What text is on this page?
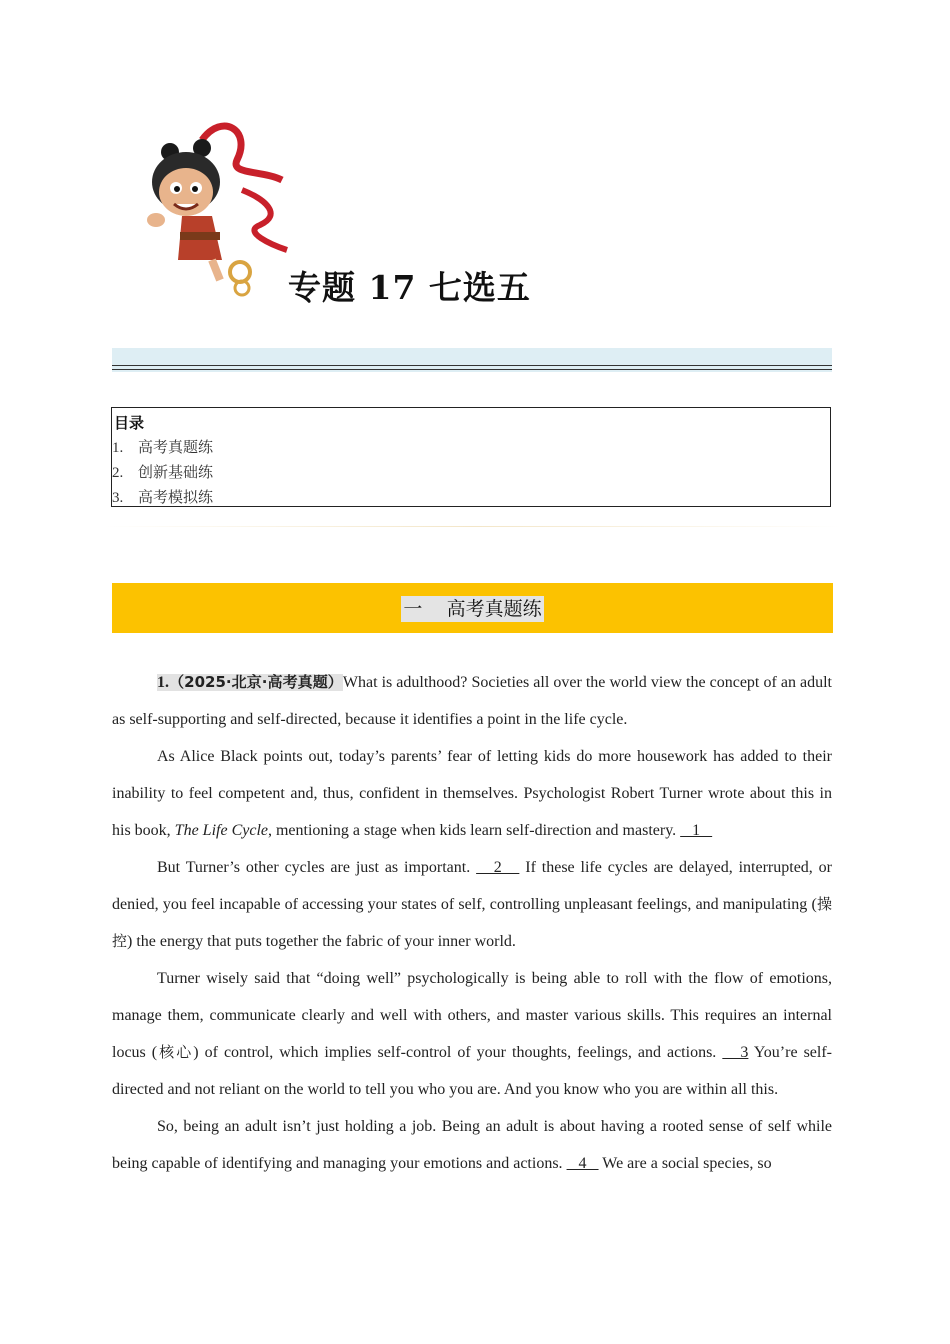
专题 17 七选五
目录
1. 高考真题练
2. 创新基础练
3. 高考模拟练
一    高考真题练

1.（2025·北京·高考真题）What is adulthood? Societies all over the world view the concept of an adult as self-supporting and self-directed, because it identifies a point in the life cycle.

As Alice Black points out, today’s parents’ fear of letting kids do more housework has added to their inability to feel competent and, thus, confident in themselves. Psychologist Robert Turner wrote about this in his book, The Life Cycle, mentioning a stage when kids learn self-direction and mastery.    1

But Turner’s other cycles are just as important.    2    If these life cycles are delayed, interrupted, or denied, you feel incapable of accessing your states of self, controlling unpleasant feelings, and manipulating (操控) the energy that puts together the fabric of your inner world.

Turner wisely said that “doing well” psychologically is being able to roll with the flow of emotions, manage them, communicate clearly and well with others, and master various skills. This requires an internal locus (核心) of control, which implies self-control of your thoughts, feelings, and actions.    3 You’re self-directed and not reliant on the world to tell you who you are. And you know who you are within all this.

So, being an adult isn’t just holding a job. Being an adult is about having a rooted sense of self while being capable of identifying and managing your emotions and actions.    4    We are a social species, so
